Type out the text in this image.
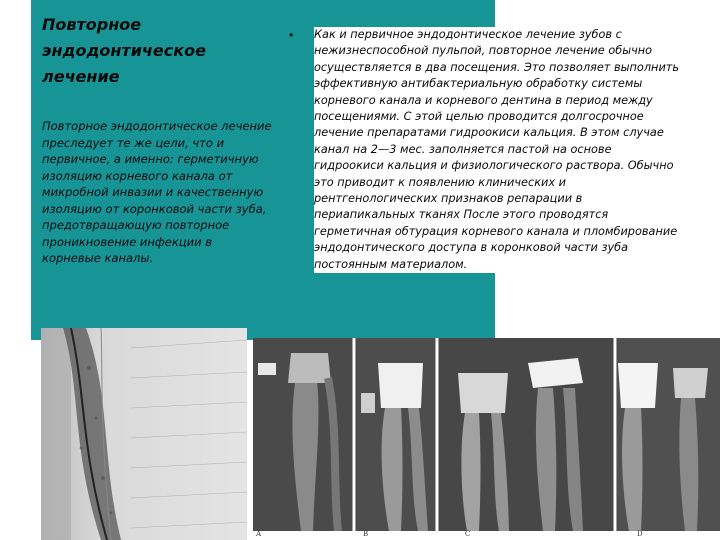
Повторное
эндодонтическое
лечение

Повторное эндодонтическое лечение преследует те же цели, что и первичное, а именно: герметичную изоляцию корневого канала от микробной инвазии и качественную изоляцию от коронковой части зуба, предотвращающую повторное проникновение инфекции в корневые каналы.

• Как и первичное эндодонтическое лечение зубов с нежизнеспособной пульпой, повторное лечение обычно осуществляется в два посещения. Это позволяет выполнить эффективную антибактериальную обработку системы корневого канала и корневого дентина в период между посещениями. С этой целью проводится долгосрочное лечение препаратами гидроокиси кальция. В этом случае канал на 2—3 мес. заполняется пастой на основе гидроокиси кальция и физиологического раствора. Обычно это приводит к появлению клинических и рентгенологических признаков репарации в периапикальных тканях После этого проводятся герметичная обтурация корневого канала и пломбирование эндодонтического доступа в коронковой части зуба постоянным материалом.

A	B	C	D
